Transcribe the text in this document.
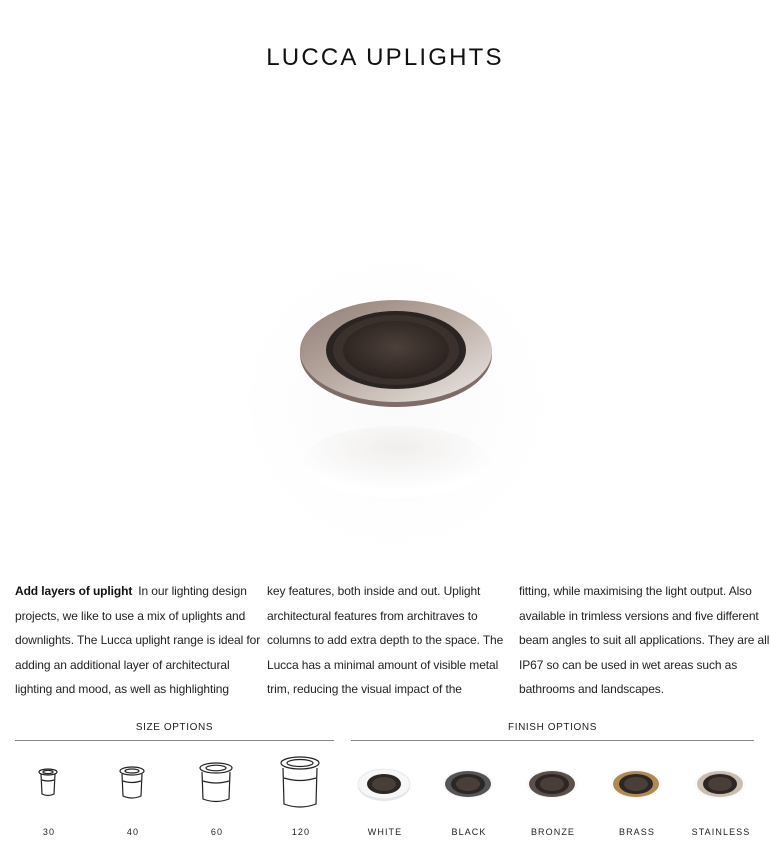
LUCCA UPLIGHTS

Add layers of uplight In our lighting design projects, we like to use a mix of uplights and downlights. The Lucca uplight range is ideal for adding an additional layer of architectural lighting and mood, as well as highlighting

key features, both inside and out. Uplight architectural features from architraves to columns to add extra depth to the space. The Lucca has a minimal amount of visible metal trim, reducing the visual impact of the

fitting, while maximising the light output. Also available in trimless versions and five different beam angles to suit all applications. They are all IP67 so can be used in wet areas such as bathrooms and landscapes.

SIZE OPTIONS
30	40	60	120
FINISH OPTIONS
WHITE	BLACK	BRONZE	BRASS	STAINLESS
